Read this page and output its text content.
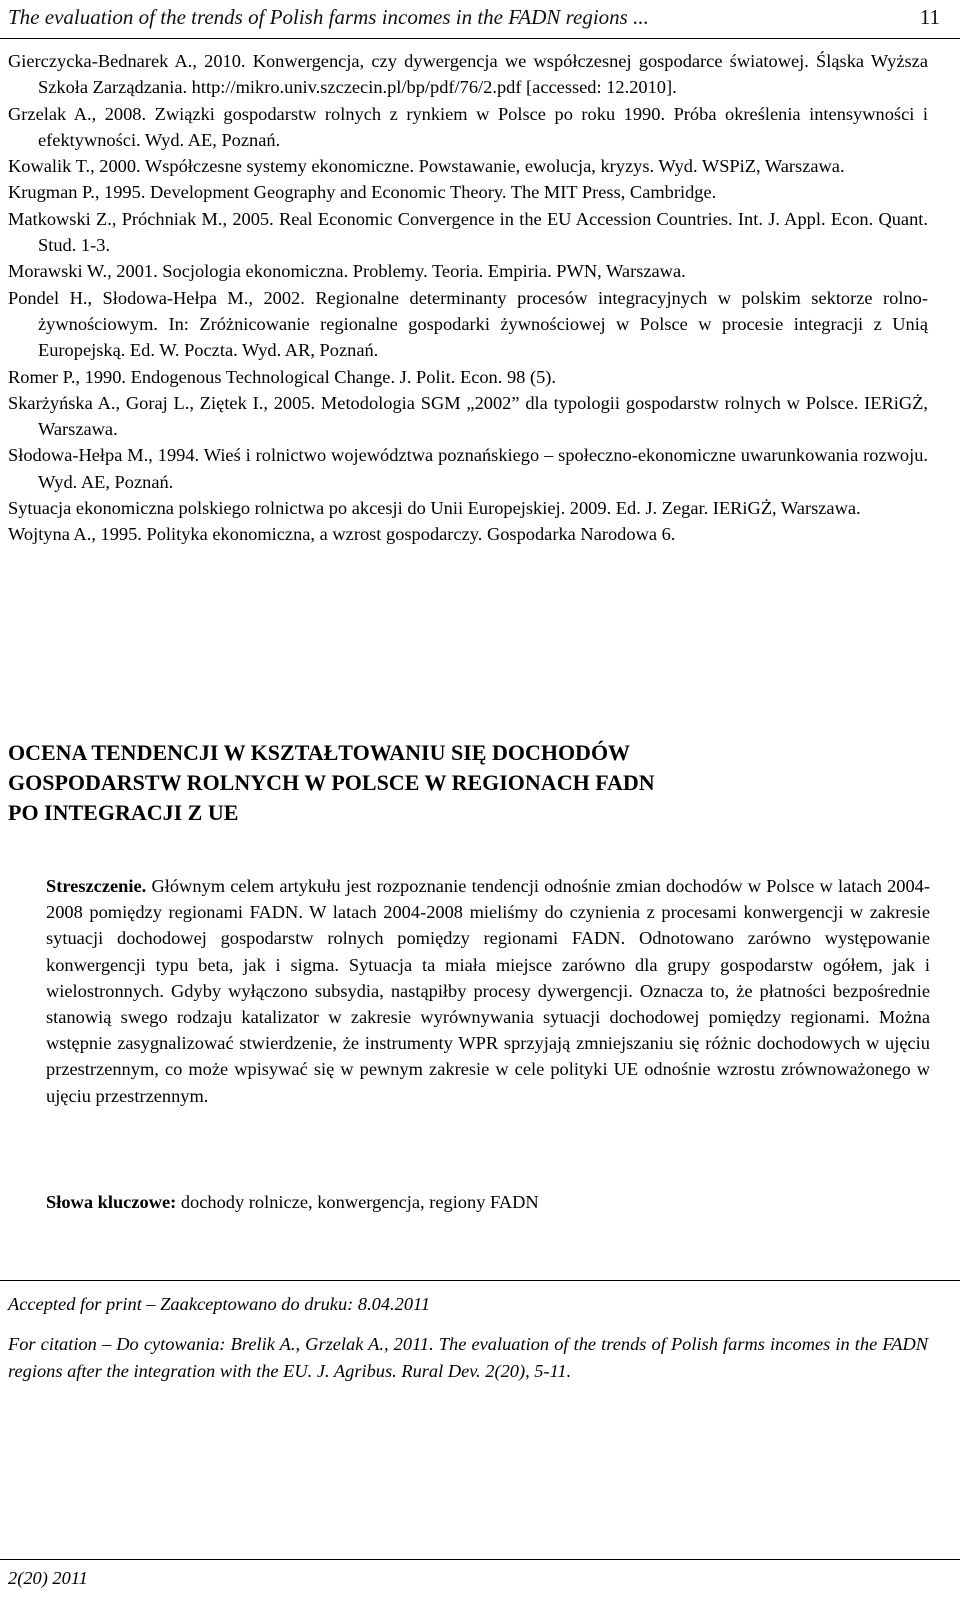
The evaluation of the trends of Polish farms incomes in the FADN regions ...	11

Gierczycka-Bednarek A., 2010. Konwergencja, czy dywergencja we współczesnej gospodarce światowej. Śląska Wyższa Szkoła Zarządzania. http://mikro.univ.szczecin.pl/bp/pdf/76/2.pdf [accessed: 12.2010].

Grzelak A., 2008. Związki gospodarstw rolnych z rynkiem w Polsce po roku 1990. Próba określenia intensywności i efektywności. Wyd. AE, Poznań.

Kowalik T., 2000. Współczesne systemy ekonomiczne. Powstawanie, ewolucja, kryzys. Wyd. WSPiZ, Warszawa.

Krugman P., 1995. Development Geography and Economic Theory. The MIT Press, Cambridge.

Matkowski Z., Próchniak M., 2005. Real Economic Convergence in the EU Accession Countries. Int. J. Appl. Econ. Quant. Stud. 1-3.

Morawski W., 2001. Socjologia ekonomiczna. Problemy. Teoria. Empiria. PWN, Warszawa.

Pondel H., Słodowa-Hełpa M., 2002. Regionalne determinanty procesów integracyjnych w polskim sektorze rolno-żywnościowym. In: Zróżnicowanie regionalne gospodarki żywnościowej w Polsce w procesie integracji z Unią Europejską. Ed. W. Poczta. Wyd. AR, Poznań.

Romer P., 1990. Endogenous Technological Change. J. Polit. Econ. 98 (5).

Skarżyńska A., Goraj L., Ziętek I., 2005. Metodologia SGM „2002” dla typologii gospodarstw rolnych w Polsce. IERiGŻ, Warszawa.

Słodowa-Hełpa M., 1994. Wieś i rolnictwo województwa poznańskiego – społeczno-ekonomiczne uwarunkowania rozwoju. Wyd. AE, Poznań.

Sytuacja ekonomiczna polskiego rolnictwa po akcesji do Unii Europejskiej. 2009. Ed. J. Zegar. IERiGŻ, Warszawa.

Wojtyna A., 1995. Polityka ekonomiczna, a wzrost gospodarczy. Gospodarka Narodowa 6.

OCENA TENDENCJI W KSZTAŁTOWANIU SIĘ DOCHODÓW
GOSPODARSTW ROLNYCH W POLSCE W REGIONACH FADN
PO INTEGRACJI Z UE

Streszczenie. Głównym celem artykułu jest rozpoznanie tendencji odnośnie zmian dochodów w Polsce w latach 2004-2008 pomiędzy regionami FADN. W latach 2004-2008 mieliśmy do czynienia z procesami konwergencji w zakresie sytuacji dochodowej gospodarstw rolnych pomiędzy regionami FADN. Odnotowano zarówno występowanie konwergencji typu beta, jak i sigma. Sytuacja ta miała miejsce zarówno dla grupy gospodarstw ogółem, jak i wielostronnych. Gdyby wyłączono subsydia, nastąpiłby procesy dywergencji. Oznacza to, że płatności bezpośrednie stanowią swego rodzaju katalizator w zakresie wyrównywania sytuacji dochodowej pomiędzy regionami. Można wstępnie zasygnalizować stwierdzenie, że instrumenty WPR sprzyjają zmniejszaniu się różnic dochodowych w ujęciu przestrzennym, co może wpisywać się w pewnym zakresie w cele polityki UE odnośnie wzrostu zrównoważonego w ujęciu przestrzennym.

Słowa kluczowe: dochody rolnicze, konwergencja, regiony FADN
Accepted for print – Zaakceptowano do druku: 8.04.2011
For citation – Do cytowania: Brelik A., Grzelak A., 2011. The evaluation of the trends of Polish farms incomes in the FADN regions after the integration with the EU. J. Agribus. Rural Dev. 2(20), 5-11.
2(20) 2011
